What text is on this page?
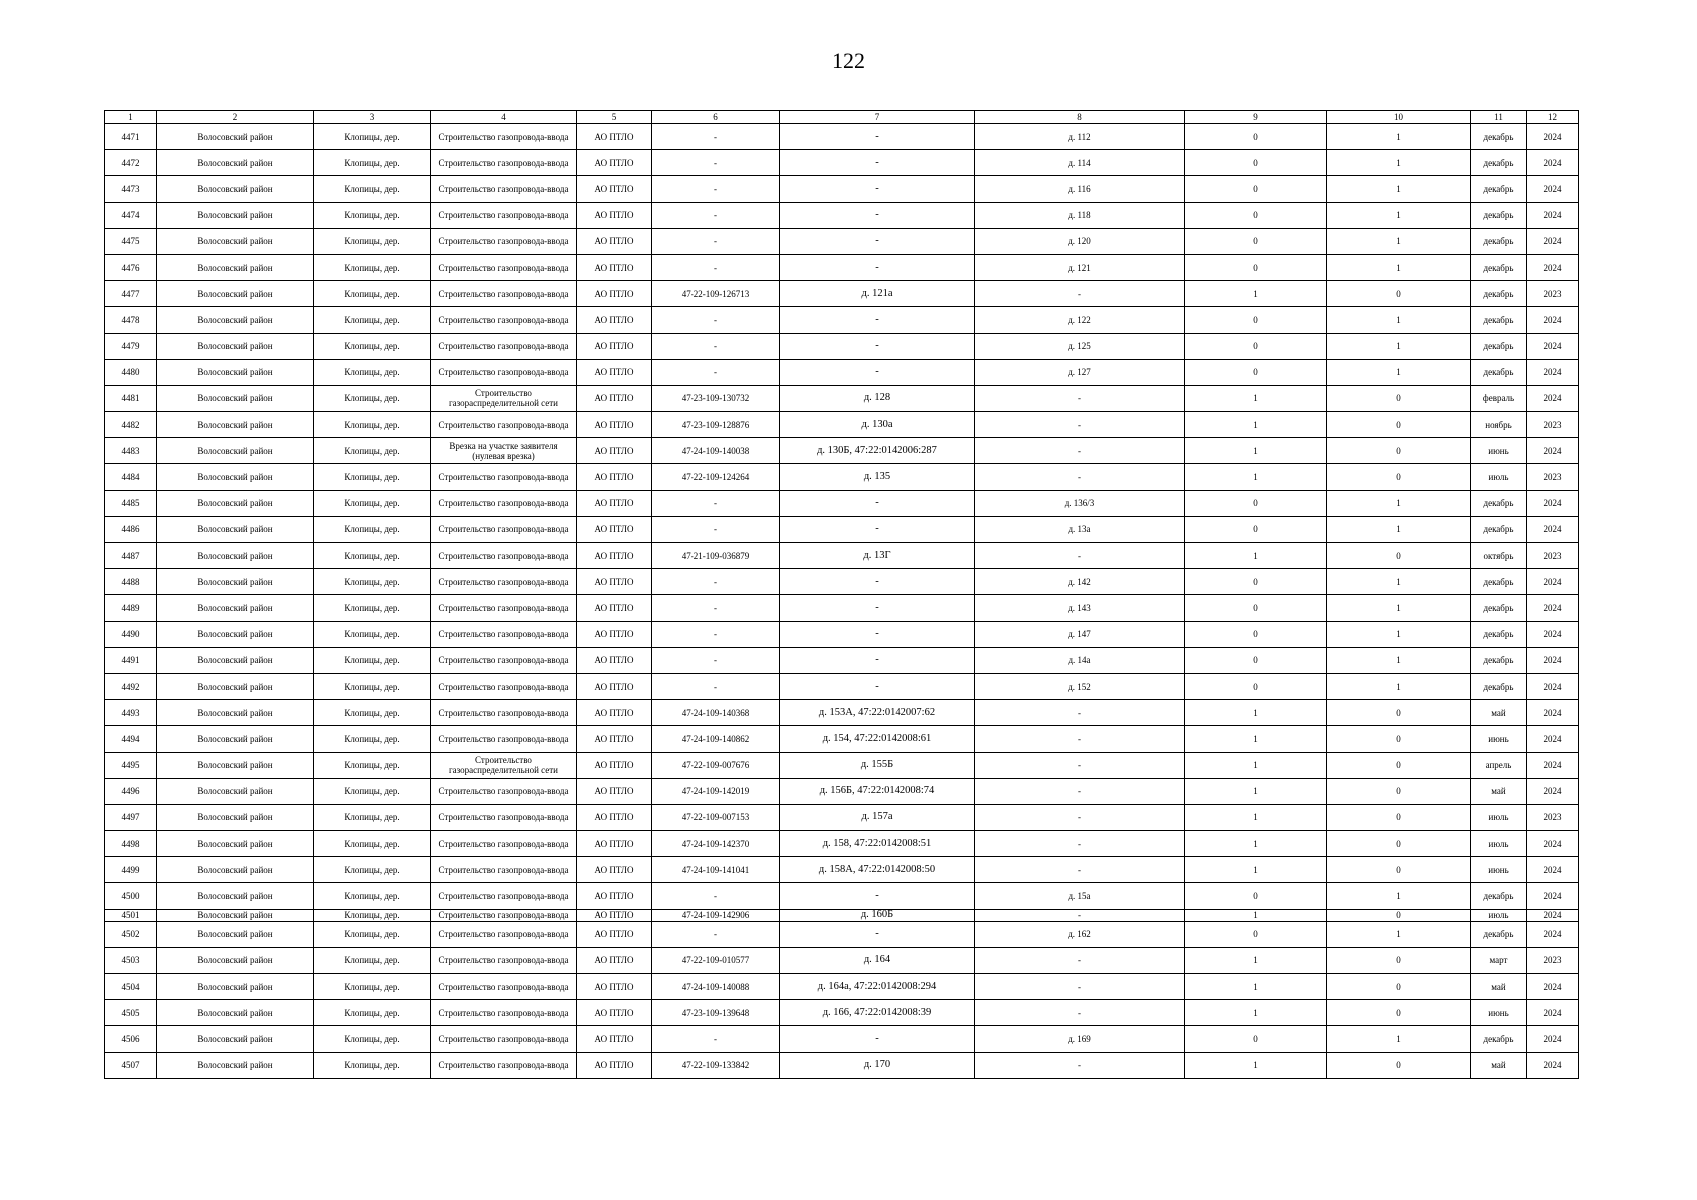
122
1	2	3	4	5	6	7	8	9	10	11	12
4471	Волосовский район	Клопицы, дер.	Строительство газопровода-ввода	АО ПТЛО	-	-	д. 112	0	1	декабрь	2024
4472	Волосовский район	Клопицы, дер.	Строительство газопровода-ввода	АО ПТЛО	-	-	д. 114	0	1	декабрь	2024
4473	Волосовский район	Клопицы, дер.	Строительство газопровода-ввода	АО ПТЛО	-	-	д. 116	0	1	декабрь	2024
4474	Волосовский район	Клопицы, дер.	Строительство газопровода-ввода	АО ПТЛО	-	-	д. 118	0	1	декабрь	2024
4475	Волосовский район	Клопицы, дер.	Строительство газопровода-ввода	АО ПТЛО	-	-	д. 120	0	1	декабрь	2024
4476	Волосовский район	Клопицы, дер.	Строительство газопровода-ввода	АО ПТЛО	-	-	д. 121	0	1	декабрь	2024
4477	Волосовский район	Клопицы, дер.	Строительство газопровода-ввода	АО ПТЛО	47-22-109-126713	д. 121а	-	1	0	декабрь	2023
4478	Волосовский район	Клопицы, дер.	Строительство газопровода-ввода	АО ПТЛО	-	-	д. 122	0	1	декабрь	2024
4479	Волосовский район	Клопицы, дер.	Строительство газопровода-ввода	АО ПТЛО	-	-	д. 125	0	1	декабрь	2024
4480	Волосовский район	Клопицы, дер.	Строительство газопровода-ввода	АО ПТЛО	-	-	д. 127	0	1	декабрь	2024
4481	Волосовский район	Клопицы, дер.	Строительство газораспределительной сети	АО ПТЛО	47-23-109-130732	д. 128	-	1	0	февраль	2024
4482	Волосовский район	Клопицы, дер.	Строительство газопровода-ввода	АО ПТЛО	47-23-109-128876	д. 130а	-	1	0	ноябрь	2023
4483	Волосовский район	Клопицы, дер.	Врезка на участке заявителя (нулевая врезка)	АО ПТЛО	47-24-109-140038	д. 130Б, 47:22:0142006:287	-	1	0	июнь	2024
4484	Волосовский район	Клопицы, дер.	Строительство газопровода-ввода	АО ПТЛО	47-22-109-124264	д. 135	-	1	0	июль	2023
4485	Волосовский район	Клопицы, дер.	Строительство газопровода-ввода	АО ПТЛО	-	-	д. 136/3	0	1	декабрь	2024
4486	Волосовский район	Клопицы, дер.	Строительство газопровода-ввода	АО ПТЛО	-	-	д. 13а	0	1	декабрь	2024
4487	Волосовский район	Клопицы, дер.	Строительство газопровода-ввода	АО ПТЛО	47-21-109-036879	д. 13Г	-	1	0	октябрь	2023
4488	Волосовский район	Клопицы, дер.	Строительство газопровода-ввода	АО ПТЛО	-	-	д. 142	0	1	декабрь	2024
4489	Волосовский район	Клопицы, дер.	Строительство газопровода-ввода	АО ПТЛО	-	-	д. 143	0	1	декабрь	2024
4490	Волосовский район	Клопицы, дер.	Строительство газопровода-ввода	АО ПТЛО	-	-	д. 147	0	1	декабрь	2024
4491	Волосовский район	Клопицы, дер.	Строительство газопровода-ввода	АО ПТЛО	-	-	д. 14а	0	1	декабрь	2024
4492	Волосовский район	Клопицы, дер.	Строительство газопровода-ввода	АО ПТЛО	-	-	д. 152	0	1	декабрь	2024
4493	Волосовский район	Клопицы, дер.	Строительство газопровода-ввода	АО ПТЛО	47-24-109-140368	д. 153А, 47:22:0142007:62	-	1	0	май	2024
4494	Волосовский район	Клопицы, дер.	Строительство газопровода-ввода	АО ПТЛО	47-24-109-140862	д. 154, 47:22:0142008:61	-	1	0	июнь	2024
4495	Волосовский район	Клопицы, дер.	Строительство газораспределительной сети	АО ПТЛО	47-22-109-007676	д. 155Б	-	1	0	апрель	2024
4496	Волосовский район	Клопицы, дер.	Строительство газопровода-ввода	АО ПТЛО	47-24-109-142019	д. 156Б, 47:22:0142008:74	-	1	0	май	2024
4497	Волосовский район	Клопицы, дер.	Строительство газопровода-ввода	АО ПТЛО	47-22-109-007153	д. 157а	-	1	0	июль	2023
4498	Волосовский район	Клопицы, дер.	Строительство газопровода-ввода	АО ПТЛО	47-24-109-142370	д. 158, 47:22:0142008:51	-	1	0	июль	2024
4499	Волосовский район	Клопицы, дер.	Строительство газопровода-ввода	АО ПТЛО	47-24-109-141041	д. 158А, 47:22:0142008:50	-	1	0	июнь	2024
4500	Волосовский район	Клопицы, дер.	Строительство газопровода-ввода	АО ПТЛО	-	-	д. 15а	0	1	декабрь	2024
4501	Волосовский район	Клопицы, дер.	Строительство газопровода-ввода	АО ПТЛО	47-24-109-142906	д. 160Б	-	1	0	июль	2024
4502	Волосовский район	Клопицы, дер.	Строительство газопровода-ввода	АО ПТЛО	-	-	д. 162	0	1	декабрь	2024
4503	Волосовский район	Клопицы, дер.	Строительство газопровода-ввода	АО ПТЛО	47-22-109-010577	д. 164	-	1	0	март	2023
4504	Волосовский район	Клопицы, дер.	Строительство газопровода-ввода	АО ПТЛО	47-24-109-140088	д. 164а, 47:22:0142008:294	-	1	0	май	2024
4505	Волосовский район	Клопицы, дер.	Строительство газопровода-ввода	АО ПТЛО	47-23-109-139648	д. 166, 47:22:0142008:39	-	1	0	июнь	2024
4506	Волосовский район	Клопицы, дер.	Строительство газопровода-ввода	АО ПТЛО	-	-	д. 169	0	1	декабрь	2024
4507	Волосовский район	Клопицы, дер.	Строительство газопровода-ввода	АО ПТЛО	47-22-109-133842	д. 170	-	1	0	май	2024
